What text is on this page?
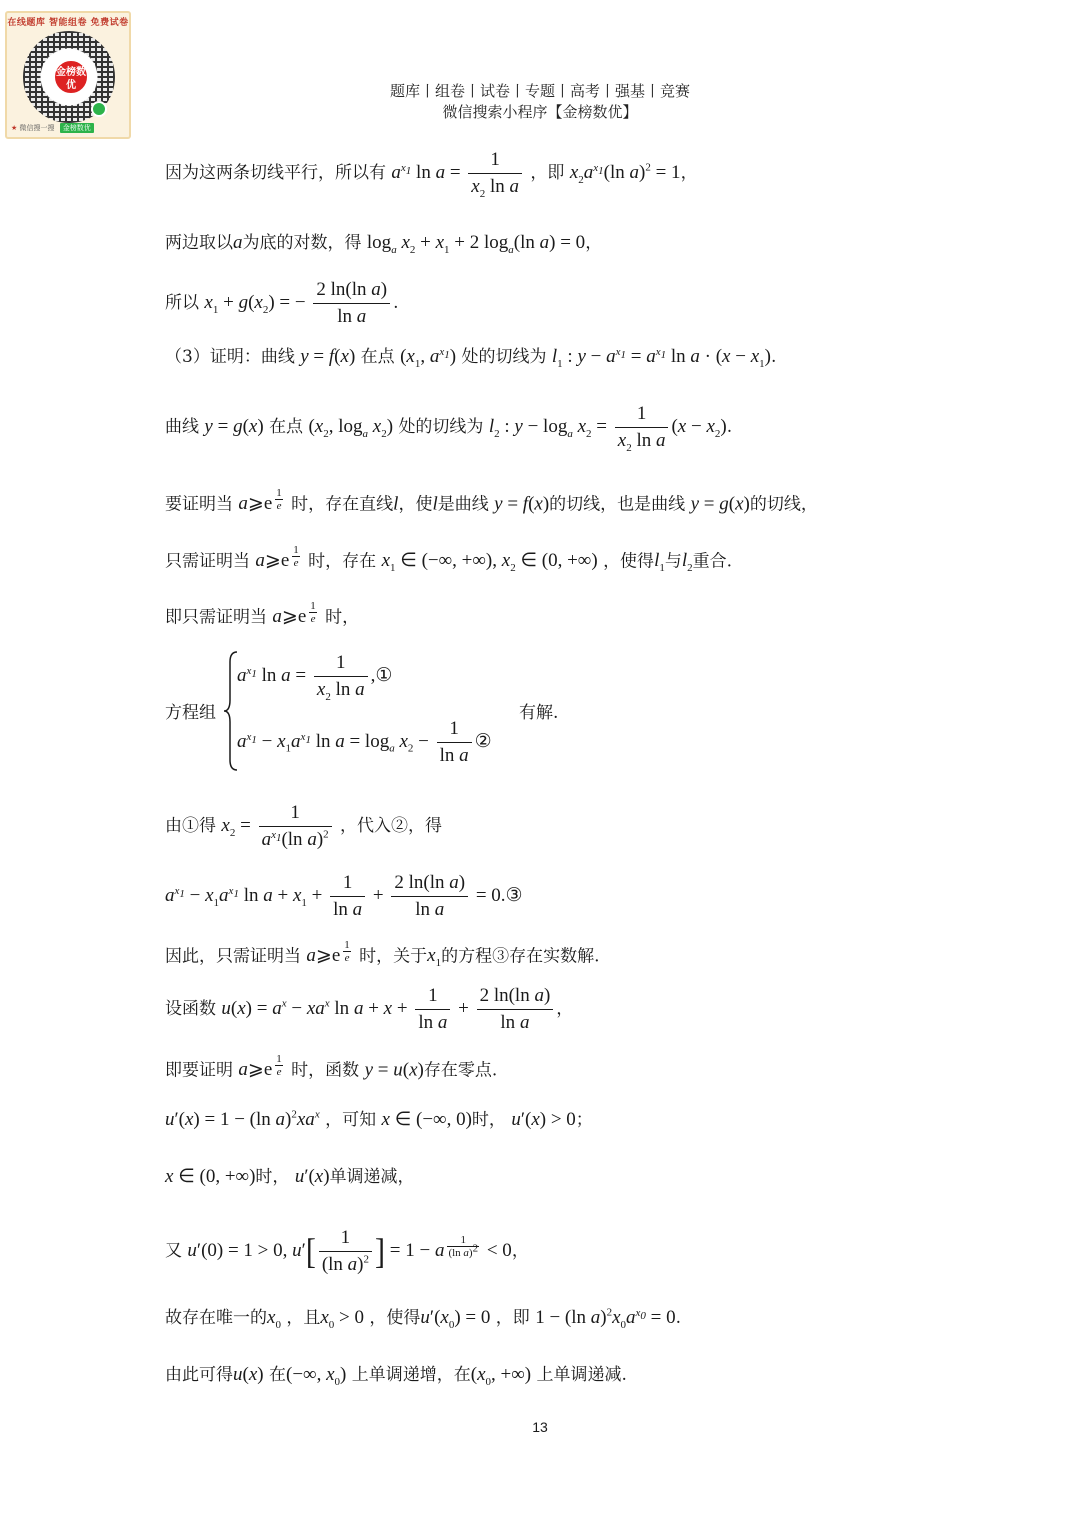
在线题库 智能组卷 免费试卷
金榜数优
★ 微信搜一搜 金榜数优
题库丨组卷丨试卷丨专题丨高考丨强基丨竞赛
微信搜索小程序【金榜数优】
因为这两条切线平行，所以有 $a^{x_1}$ $\ln a = \frac{1}{x_2 \ln a}$ ，即 $x_2a^{x_1}(\ln$ a)$^2$ = 1，
两边取以a为底的对数，得 $\log_a x_2 + x_1 + 2$ $\log_a(\ln$ a) = 0，
所以 $x_1 + g(x_2)$ = − $\frac{\text{2 ln(ln a)}}{\text{ln a}}$ .
（3）证明：曲线 y = f(x) 在点 ($x_1$, $a^{x_1}$) 处的切线为 $l_1$ : $y - a^{x_1} = a^{x_1}$ $\ln a \cdot (x - x_1)$.
曲线 y = g(x) 在点 ($x_2$, $\log_a x_2$) 处的切线为 $l_2$ : $y - \log_a x_2 = \frac{1}{x_2 \ln a} (x - x_2)$.
要证明当 a⩾e $^{\frac{1}{e}}$ 时，存在直线l，使l是曲线 y = f(x)的切线，也是曲线 y = g(x)的切线，
只需证明当 a⩾e $^{\frac{1}{e}}$ 时，存在 $x_1$ ∈ (−∞, +∞), $x_2$ ∈ (0, +∞) ，使得$l_1$与$l_2$重合.
即只需证明当 a⩾e $^{\frac{1}{e}}$ 时，
方程组
$a^{x_1}$ $\ln a = \frac{1}{x_2 \ln a}$ ,①
$a^{x_1} - x_1a^{x_1}$ $\ln a = \log_a x_2 - \frac{1}{\text{ln a}}$ ②
有解.
由①得 $x_2 = \frac{1}{a^{x_1}(\ln a)^2}$ ，代入②，得
$a^{x_1} - x_1a^{x_1}$ $\ln a + x_1 + \frac{1}{\text{ln a}} + \frac{\text{2 ln(ln a)}}{\text{ln a}}$ = 0.③
因此，只需证明当 a⩾e $^{\frac{1}{e}}$ 时，关于$x_1$的方程③存在实数解.
设函数 $u(x) = a^x - xa^x$ $\ln a + x + \frac{1}{\text{ln a}} + \frac{\text{2 ln(ln a)}}{\text{ln a}}$ ，
即要证明 a⩾e $^{\frac{1}{e}}$ 时，函数 y = u(x)存在零点.
u′(x) = 1 − (ln $a)^2xa^x$ ，可知 x ∈ (−∞, 0)时， u′(x) > 0；
x ∈ (0, +∞)时， u′(x)单调递减，
又 u′(0) = 1 > 0, $u'[ \frac{1}{(\ln a)^2}$ ] = 1 − a $^{\frac{1}{(\ln a)^2}}$ < 0，
故存在唯一的$x_0$ ，且$x_0 > 0$ ，使得$u'(x_0) = 0$ ，即 1 − (ln $a)^2x_0a^{x_0} = 0$.
由此可得u(x) 在(−∞, $x_0$) 上单调递增，在($x_0$, +∞) 上单调递减.
13
